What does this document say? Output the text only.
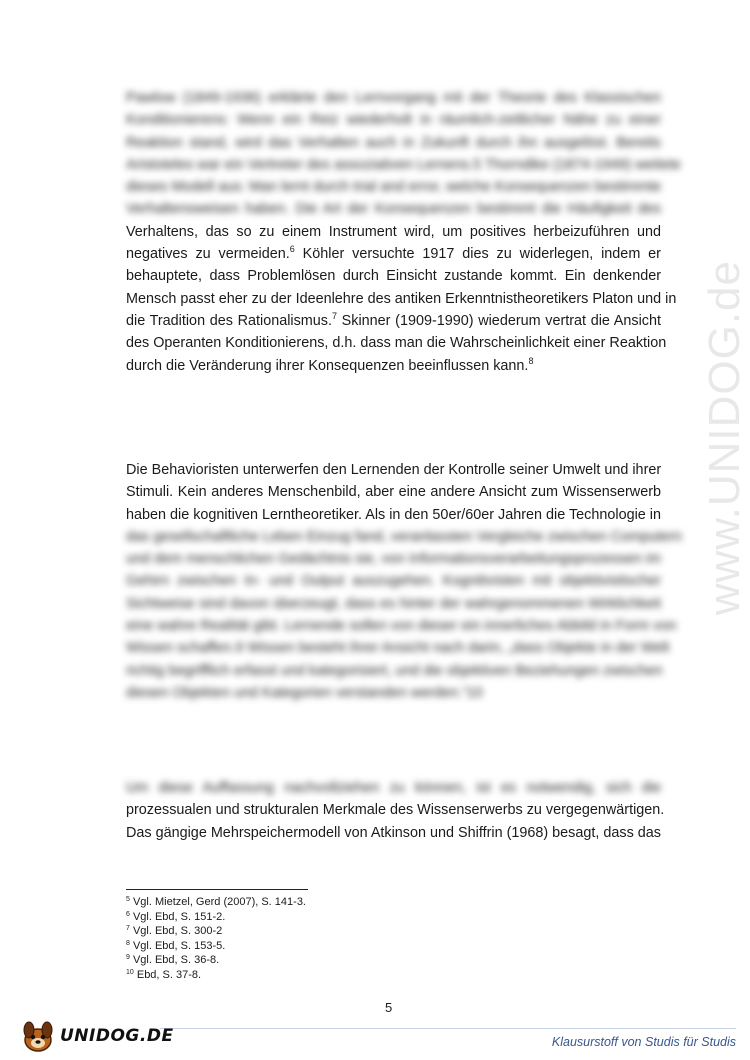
Pawlow (1849-1936) erklärte den Lernvorgang mit der Theorie des Klassischen
Konditionierens: Wenn ein Reiz wiederholt in räumlich-zeitlicher Nähe zu einer
Reaktion stand, wird das Verhalten auch in Zukunft durch ihn ausgelöst. Bereits
Aristoteles war ein Vertreter des assoziativen Lernens.5 Thorndike (1874-1949) weitete
dieses Modell aus: Man lernt durch trial and error, welche Konsequenzen bestimmte
Verhaltensweisen haben. Die Art der Konsequenzen bestimmt die Häufigkeit des
Verhaltens, das so zu einem Instrument wird, um positives herbeizuführen und
negatives zu vermeiden.$^6$ Köhler versuchte 1917 dies zu widerlegen, indem er
behauptete, dass Problemlösen durch Einsicht zustande kommt. Ein denkender
Mensch passt eher zu der Ideenlehre des antiken Erkenntnistheoretikers Platon und in
die Tradition des Rationalismus.$^7$ Skinner (1909-1990) wiederum vertrat die Ansicht
des Operanten Konditionierens, d.h. dass man die Wahrscheinlichkeit einer Reaktion
durch die Veränderung ihrer Konsequenzen beeinflussen kann.$^8$
Die Behavioristen unterwerfen den Lernenden der Kontrolle seiner Umwelt und ihrer
Stimuli. Kein anderes Menschenbild, aber eine andere Ansicht zum Wissenserwerb
haben die kognitiven Lerntheoretiker. Als in den 50er/60er Jahren die Technologie in
das gesellschaftliche Leben Einzug fand, veranlassten Vergleiche zwischen Computern
und dem menschlichen Gedächtnis sie, von Informationsverarbeitungsprozessen im
Gehirn zwischen In- und Output auszugehen. Kognitivisten mit objektivistischer
Sichtweise sind davon überzeugt, dass es hinter der wahrgenommenen Wirklichkeit
eine wahre Realität gibt. Lernende sollen von dieser ein innerliches Abbild in Form von
Wissen schaffen.9 Wissen besteht ihrer Ansicht nach darin, „dass Objekte in der Welt
richtig begrifflich erfasst und kategorisiert, und die objektiven Beziehungen zwischen
diesen Objekten und Kategorien verstanden werden.“10
Um diese Auffassung nachvollziehen zu können, ist es notwendig, sich die
prozessualen und strukturalen Merkmale des Wissenserwerbs zu vergegenwärtigen.
Das gängige Mehrspeichermodell von Atkinson und Shiffrin (1968) besagt, dass das
$^5$ Vgl. Mietzel, Gerd (2007), S. 141-3.
$^6$ Vgl. Ebd, S. 151-2.
$^7$ Vgl. Ebd, S. 300-2
$^8$ Vgl. Ebd, S. 153-5.
$^9$ Vgl. Ebd, S. 36-8.
$^{10}$ Ebd, S. 37-8.
5
www.UNIDOG.de
UNIDOG.DE	Klausurstoff von Studis für Studis
